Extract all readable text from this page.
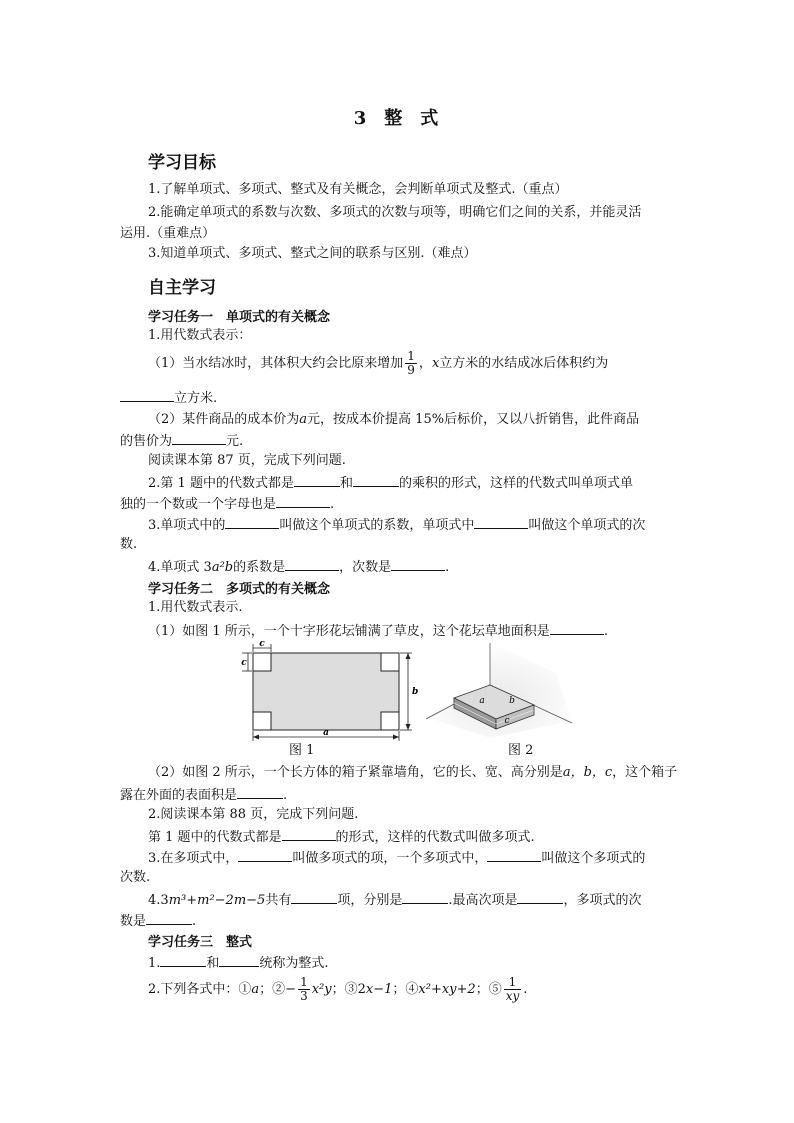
3 整 式
学习目标
1.了解单项式、多项式、整式及有关概念，会判断单项式及整式.（重点）
2.能确定单项式的系数与次数、多项式的次数与项等，明确它们之间的关系，并能灵活
运用.（重难点）
3.知道单项式、多项式、整式之间的联系与区别.（难点）
自主学习
学习任务一　单项式的有关概念
1.用代数式表示：
（1）当水结冰时，其体积大约会比原来增加 $\frac{1}{9}$ ，x立方米的水结成冰后体积约为
立方米.
（2）某件商品的成本价为a元，按成本价提高 15%后标价，又以八折销售，此件商品
的售价为	元.
阅读课本第 87 页，完成下列问题.
2.第 1 题中的代数式都是	和	的乘积的形式，这样的代数式叫单项式单
独的一个数或一个字母也是	.
3.单项式中的	叫做这个单项式的系数，单项式中	叫做这个单项式的次
数.
4.单项式 3a²b的系数是	，次数是	.
学习任务二　多项式的有关概念
1.用代数式表示.
（1）如图 1 所示，一个十字形花坛铺满了草皮，这个花坛草地面积是	.
c
c
b
a
a	b
c
图 1	图 2
（2）如图 2 所示，一个长方体的箱子紧靠墙角，它的长、宽、高分别是a，b，c，这个箱子
露在外面的表面积是	.
2.阅读课本第 88 页，完成下列问题.
第 1 题中的代数式都是	的形式，这样的代数式叫做多项式.
3.在多项式中，	叫做多项式的项，一个多项式中，	叫做这个多项式的
次数.
4.3m³+m²−2m−5共有	项，分别是	.最高次项是	，多项式的次
数是	.
学习任务三　整式
1.	和	统称为整式.
2.下列各式中：①a；②− $\frac{1}{3} x^2y$；③2x−1；④x²+xy+2；⑤ $\frac{1}{xy}$ .
